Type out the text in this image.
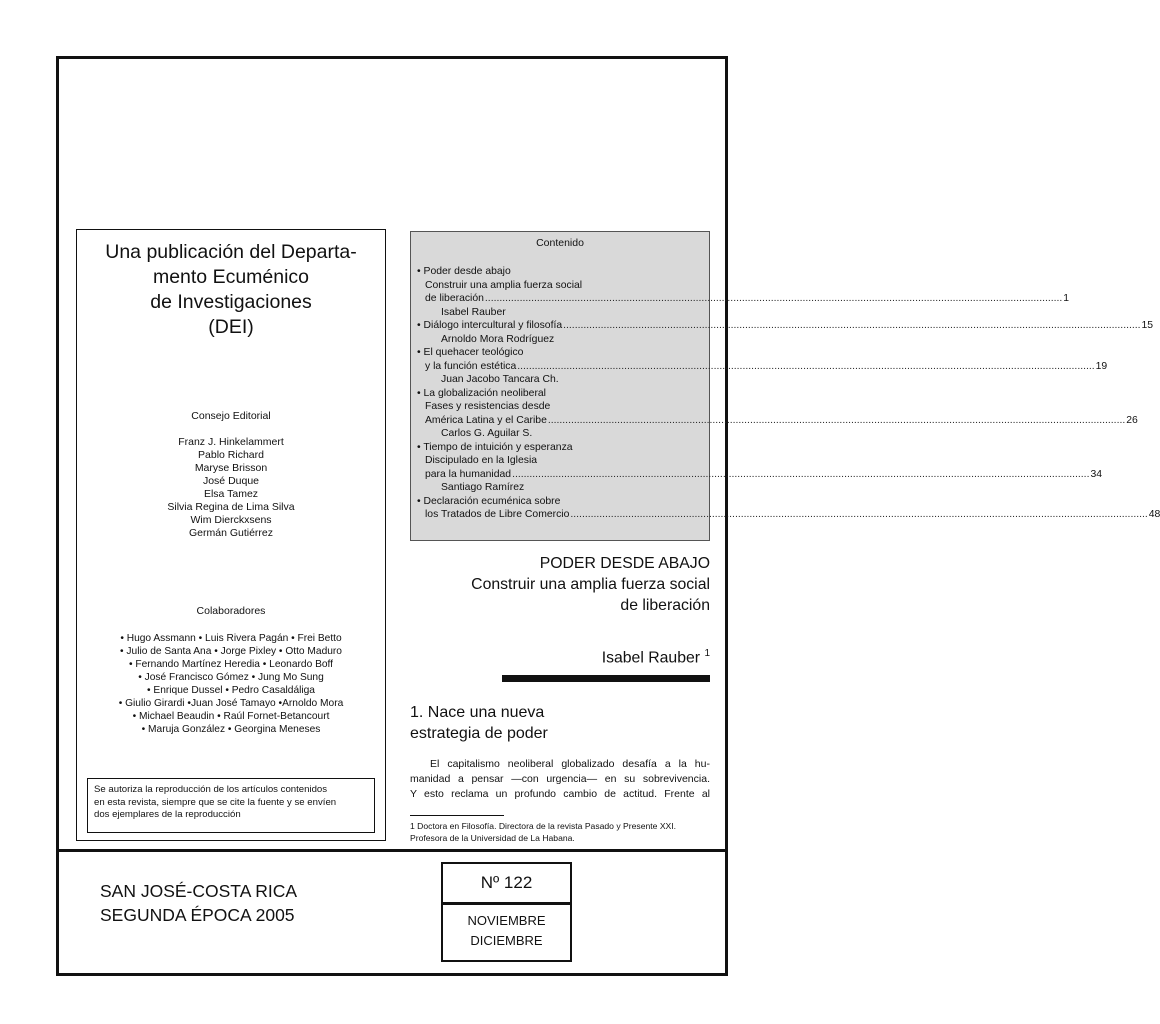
Una publicación del Departa-
mento Ecuménico
de Investigaciones
(DEI)
Consejo Editorial
Franz J. Hinkelammert
Pablo Richard
Maryse Brisson
José Duque
Elsa Tamez
Silvia Regina de Lima Silva
Wim Dierckxsens
Germán Gutiérrez
Colaboradores
• Hugo Assmann • Luis Rivera Pagán • Frei Betto
• Julio de Santa Ana • Jorge Pixley • Otto Maduro
• Fernando Martínez Heredia • Leonardo Boff
• José Francisco Gómez • Jung Mo Sung
• Enrique Dussel • Pedro Casaldáliga
• Giulio Girardi •Juan José Tamayo •Arnoldo Mora
• Michael Beaudin • Raúl Fornet-Betancourt
• Maruja González • Georgina Meneses
Se autoriza la reproducción de los artículos contenidos
en esta revista, siempre que se cite la fuente y se envíen
dos ejemplares de la reproducción
Contenido
• Poder desde abajo
Construir una amplia fuerza social
de liberación ........................................................................................................................................................................................................ 1
Isabel Rauber
• Diálogo intercultural y filosofía ........................................................................................................................................................................................................ 15
Arnoldo Mora Rodríguez
• El quehacer teológico
y la función estética ........................................................................................................................................................................................................ 19
Juan Jacobo Tancara Ch.
• La globalización neoliberal
Fases y resistencias desde
América Latina y el Caribe ........................................................................................................................................................................................................ 26
Carlos G. Aguilar S.
• Tiempo de intuición y esperanza
Discipulado en la Iglesia
para la humanidad ........................................................................................................................................................................................................ 34
Santiago Ramírez
• Declaración ecuménica sobre
los Tratados de Libre Comercio ........................................................................................................................................................................................................ 48
PODER DESDE ABAJO
Construir una amplia fuerza social
de liberación
Isabel Rauber $^1$
1. Nace una nueva
estrategia de poder
El capitalismo neoliberal globalizado desafía a la hu-
manidad a pensar —con urgencia— en su sobrevivencia.
Y esto reclama un profundo cambio de actitud. Frente al
1 Doctora en Filosofía. Directora de la revista Pasado y Presente XXI.
Profesora de la Universidad de La Habana.
SAN JOSÉ-COSTA RICA
SEGUNDA ÉPOCA 2005
Nº 122
NOVIEMBRE
DICIEMBRE
